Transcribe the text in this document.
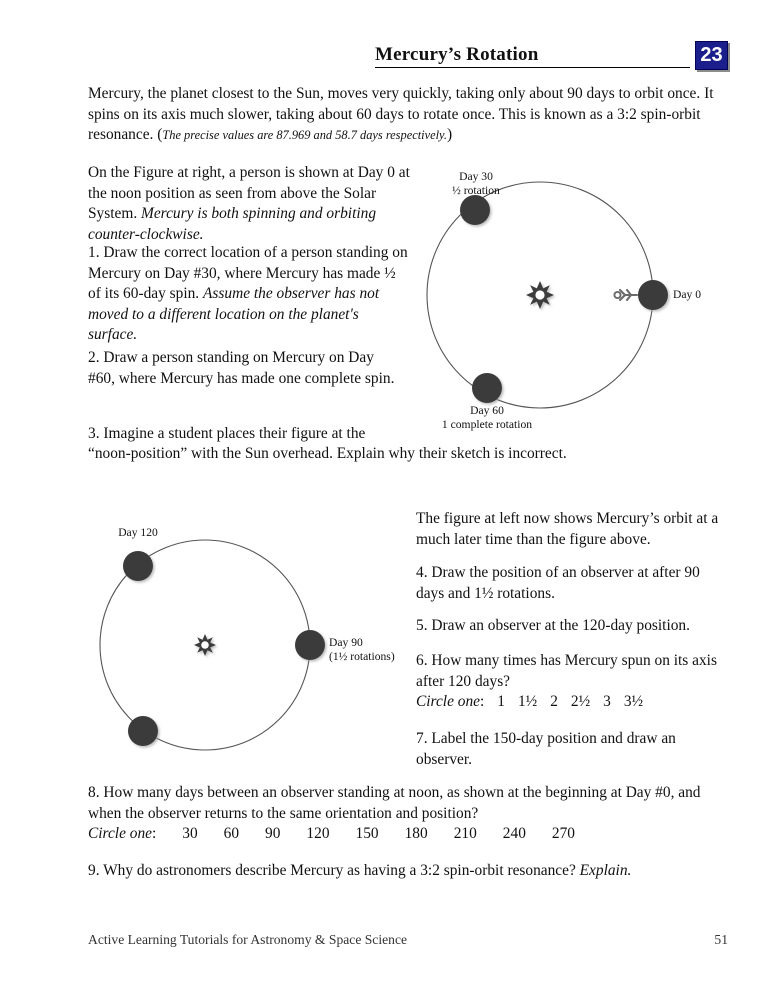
Mercury’s Rotation	23
Mercury, the planet closest to the Sun, moves very quickly, taking only about 90 days to orbit once. It spins on its axis much slower, taking about 60 days to rotate once. This is known as a 3:2 spin-orbit resonance. (The precise values are 87.969 and 58.7 days respectively.)
On the Figure at right, a person is shown at Day 0 at the noon position as seen from above the Solar System. Mercury is both spinning and orbiting counter-clockwise.
1. Draw the correct location of a person standing on Mercury on Day #30, where Mercury has made ½ of its 60-day spin. Assume the observer has not moved to a different location on the planet's surface.
2. Draw a person standing on Mercury on Day #60, where Mercury has made one complete spin.
3. Imagine a student places their figure at the
“noon-position” with the Sun overhead. Explain why their sketch is incorrect.
Day 30
½ rotation
Day 0
Day 60
1 complete rotation
Day 120
Day 90
(1½ rotations)
The figure at left now shows Mercury’s orbit at a much later time than the figure above.
4. Draw the position of an observer at after 90 days and 1½ rotations.
5. Draw an observer at the 120-day position.
6. How many times has Mercury spun on its axis after 120 days?
Circle one: 1 1½ 2 2½ 3 3½
7. Label the 150-day position and draw an observer.
8. How many days between an observer standing at noon, as shown at the beginning at Day #0, and when the observer returns to the same orientation and position?
Circle one: 30 60 90 120 150 180 210 240 270
9. Why do astronomers describe Mercury as having a 3:2 spin-orbit resonance? Explain.
Active Learning Tutorials for Astronomy & Space Science	51
